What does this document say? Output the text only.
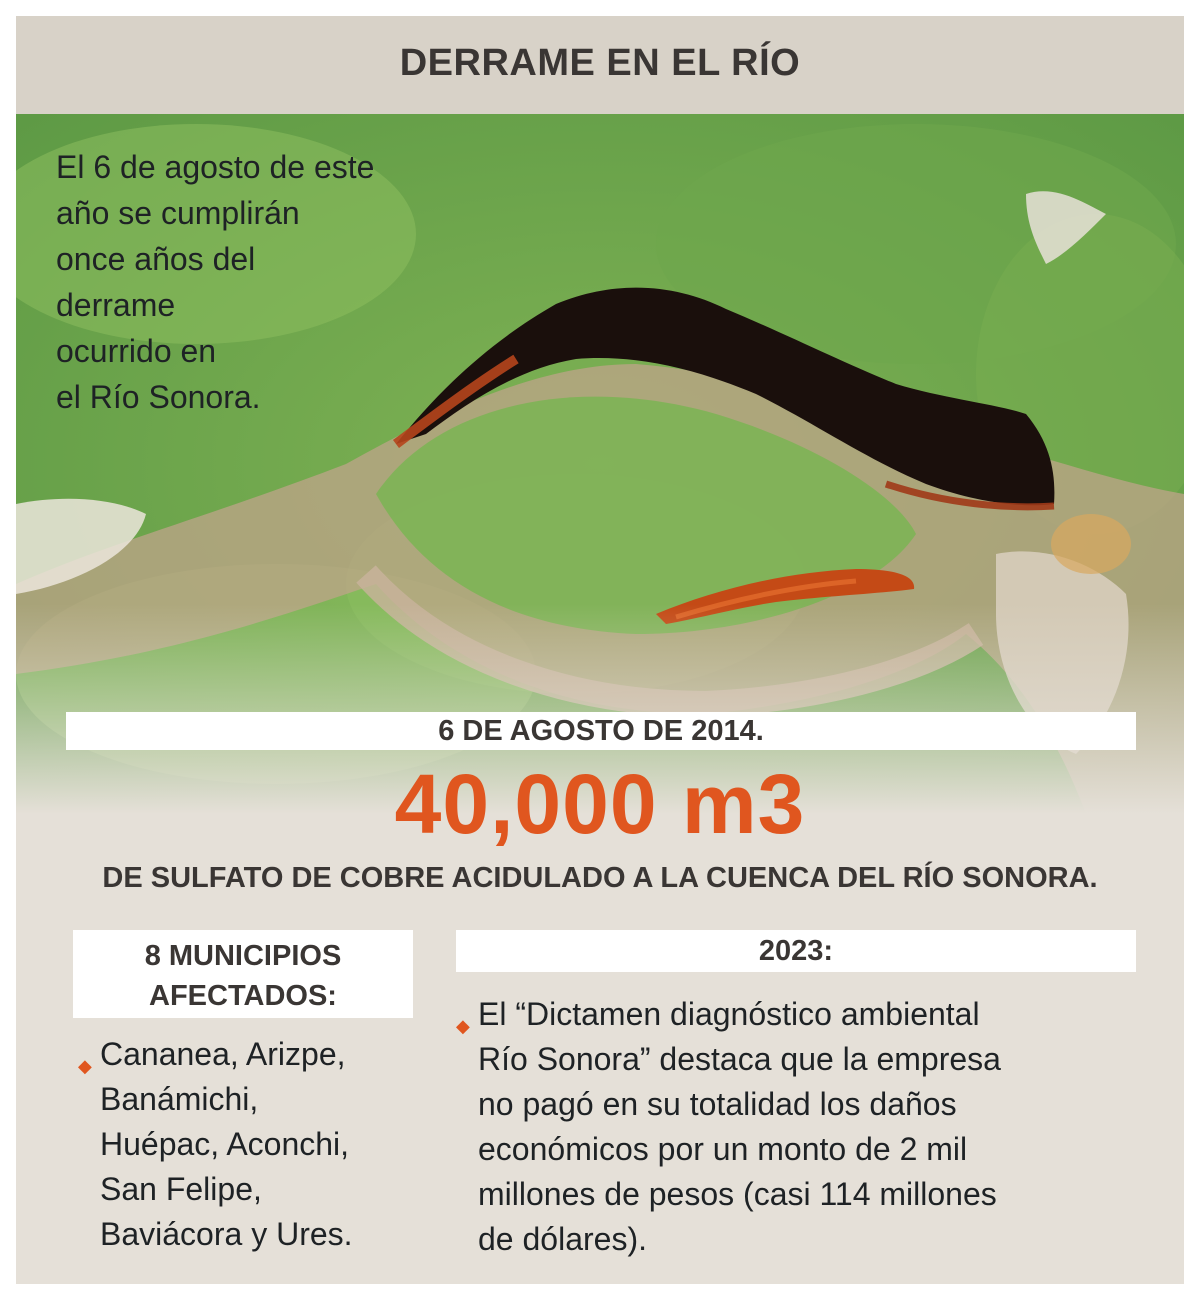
DERRAME EN EL RÍO
El 6 de agosto de este
año se cumplirán
once años del
derrame
ocurrido en
el Río Sonora.
6 DE AGOSTO DE 2014.
40,000 m3
DE SULFATO DE COBRE ACIDULADO A LA CUENCA DEL RÍO SONORA.
8 MUNICIPIOS
AFECTADOS:
◆ Cananea, Arizpe,
Banámichi,
Huépac, Aconchi,
San Felipe,
Baviácora y Ures.
2023:
◆ El “Dictamen diagnóstico ambiental
Río Sonora” destaca que la empresa
no pagó en su totalidad los daños
económicos por un monto de 2 mil
millones de pesos (casi 114 millones
de dólares).
